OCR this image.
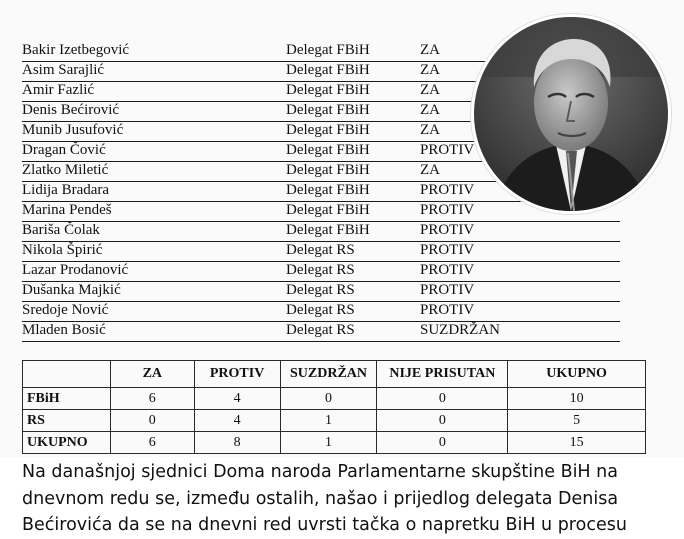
Bakir Izetbegović	Delegat FBiH	ZA
Asim Sarajlić	Delegat FBiH	ZA
Amir Fazlić	Delegat FBiH	ZA
Denis Bećirović	Delegat FBiH	ZA
Munib Jusufović	Delegat FBiH	ZA
Dragan Čović	Delegat FBiH	PROTIV
Zlatko Miletić	Delegat FBiH	ZA
Lidija Bradara	Delegat FBiH	PROTIV
Marina Pendeš	Delegat FBiH	PROTIV
Bariša Čolak	Delegat FBiH	PROTIV
Nikola Špirić	Delegat RS	PROTIV
Lazar Prodanović	Delegat RS	PROTIV
Dušanka Majkić	Delegat RS	PROTIV
Sredoje Nović	Delegat RS	PROTIV
Mladen Bosić	Delegat RS	SUZDRŽAN
	ZA	PROTIV	SUZDRŽAN	NIJE PRISUTAN	UKUPNO
FBiH	6	4	0	0	10
RS	0	4	1	0	5
UKUPNO	6	8	1	0	15

Na današnjoj sjednici Doma naroda Parlamentarne skupštine BiH na dnevnom redu se, između ostalih, našao i prijedlog delegata Denisa Bećirovića da se na dnevni red uvrsti tačka o napretku BiH u procesu
